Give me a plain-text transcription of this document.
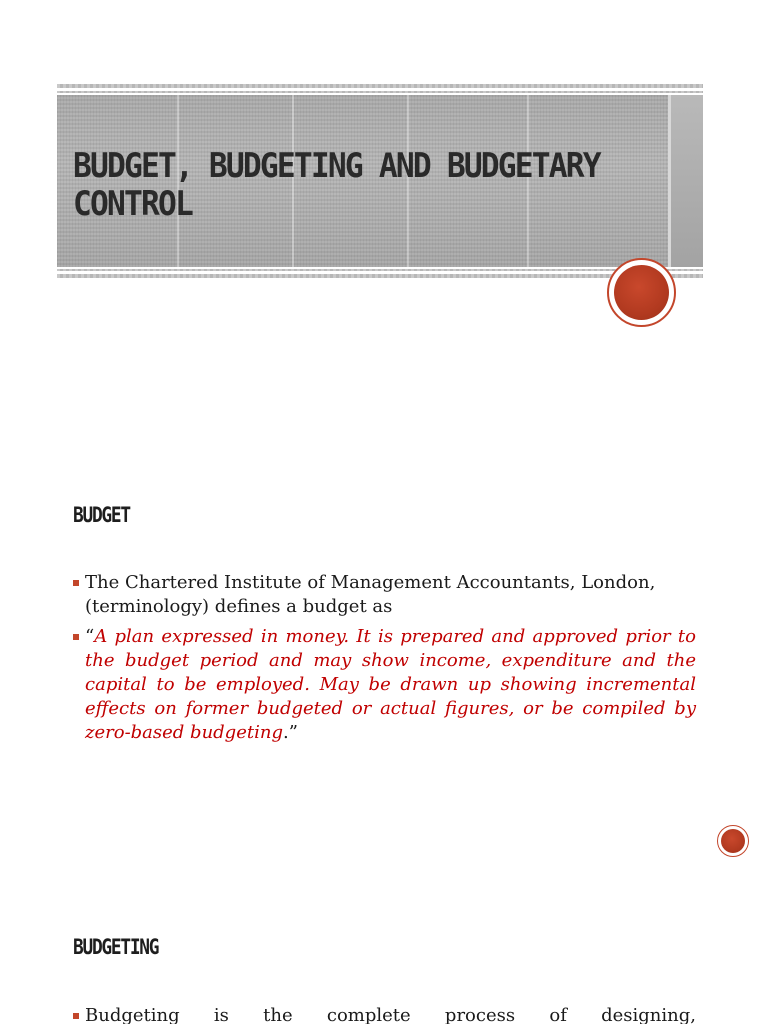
BUDGET, BUDGETING AND BUDGETARY CONTROL
BUDGET
The Chartered Institute of Management Accountants, London, (terminology) defines a budget as
“A plan expressed in money. It is prepared and approved prior to the budget period and may show income, expenditure and the capital to be employed. May be drawn up showing incremental effects on former budgeted or actual figures, or be compiled by zero-based budgeting.”
BUDGETING
Budgeting is the complete process of designing,
